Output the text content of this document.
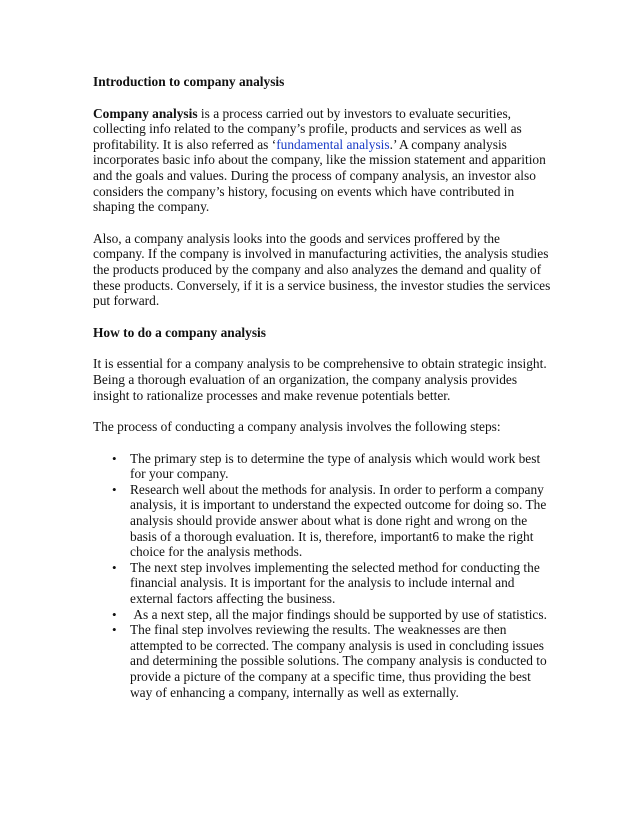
Introduction to company analysis

Company analysis is a process carried out by investors to evaluate securities, collecting info related to the company’s profile, products and services as well as profitability. It is also referred as ‘fundamental analysis.’ A company analysis incorporates basic info about the company, like the mission statement and apparition and the goals and values. During the process of company analysis, an investor also considers the company’s history, focusing on events which have contributed in shaping the company.

Also, a company analysis looks into the goods and services proffered by the company. If the company is involved in manufacturing activities, the analysis studies the products produced by the company and also analyzes the demand and quality of these products. Conversely, if it is a service business, the investor studies the services put forward.

How to do a company analysis

It is essential for a company analysis to be comprehensive to obtain strategic insight. Being a thorough evaluation of an organization, the company analysis provides insight to rationalize processes and make revenue potentials better.

The process of conducting a company analysis involves the following steps:

• The primary step is to determine the type of analysis which would work best for your company.
• Research well about the methods for analysis. In order to perform a company analysis, it is important to understand the expected outcome for doing so. The analysis should provide answer about what is done right and wrong on the basis of a thorough evaluation. It is, therefore, important6 to make the right choice for the analysis methods.
• The next step involves implementing the selected method for conducting the financial analysis. It is important for the analysis to include internal and external factors affecting the business.
• As a next step, all the major findings should be supported by use of statistics.
• The final step involves reviewing the results. The weaknesses are then attempted to be corrected. The company analysis is used in concluding issues and determining the possible solutions. The company analysis is conducted to provide a picture of the company at a specific time, thus providing the best way of enhancing a company, internally as well as externally.
